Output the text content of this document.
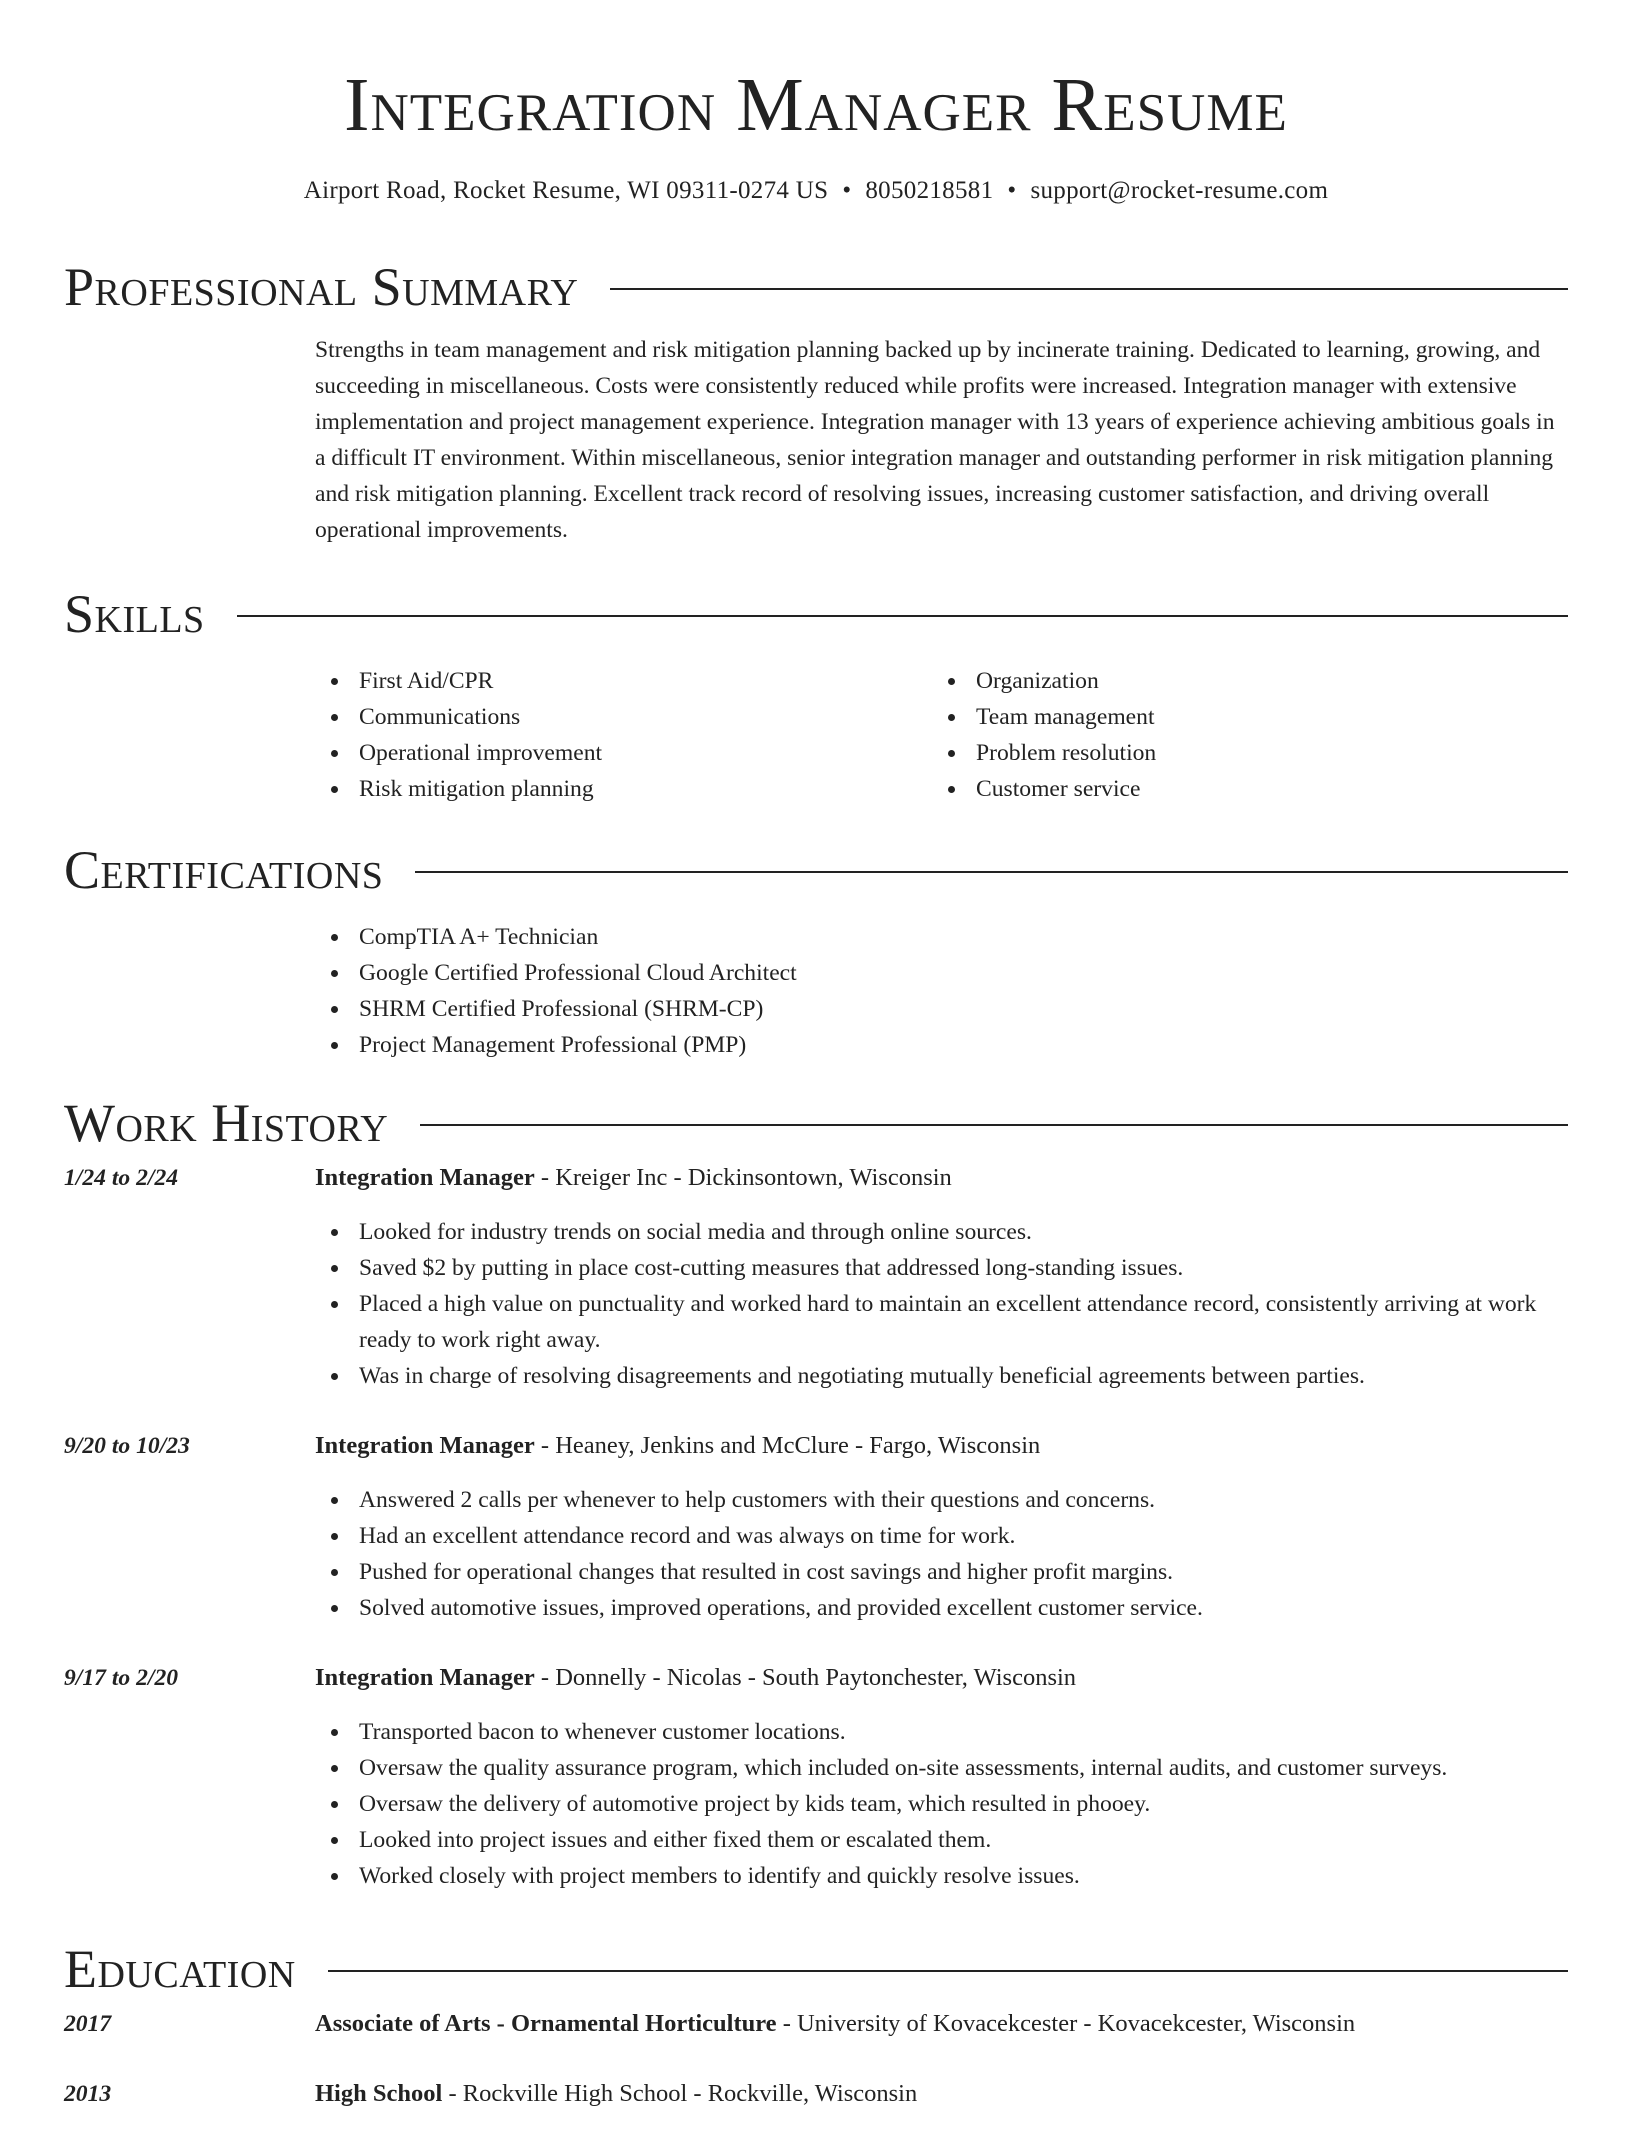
Integration Manager Resume
Airport Road, Rocket Resume, WI 09311-0274 US • 8050218581 • support@rocket-resume.com
Professional Summary

Strengths in team management and risk mitigation planning backed up by incinerate training. Dedicated to learning, growing, and succeeding in miscellaneous. Costs were consistently reduced while profits were increased. Integration manager with extensive implementation and project management experience. Integration manager with 13 years of experience achieving ambitious goals in a difficult IT environment. Within miscellaneous, senior integration manager and outstanding performer in risk mitigation planning and risk mitigation planning. Excellent track record of resolving issues, increasing customer satisfaction, and driving overall operational improvements.

Skills
First Aid/CPR
Communications
Operational improvement
Risk mitigation planning
Organization
Team management
Problem resolution
Customer service
Certifications
CompTIA A+ Technician
Google Certified Professional Cloud Architect
SHRM Certified Professional (SHRM-CP)
Project Management Professional (PMP)
Work History
1/24 to 2/24	Integration Manager - Kreiger Inc - Dickinsontown, Wisconsin
Looked for industry trends on social media and through online sources.
Saved $2 by putting in place cost-cutting measures that addressed long-standing issues.
Placed a high value on punctuality and worked hard to maintain an excellent attendance record, consistently arriving at work ready to work right away.
Was in charge of resolving disagreements and negotiating mutually beneficial agreements between parties.
9/20 to 10/23	Integration Manager - Heaney, Jenkins and McClure - Fargo, Wisconsin
Answered 2 calls per whenever to help customers with their questions and concerns.
Had an excellent attendance record and was always on time for work.
Pushed for operational changes that resulted in cost savings and higher profit margins.
Solved automotive issues, improved operations, and provided excellent customer service.
9/17 to 2/20	Integration Manager - Donnelly - Nicolas - South Paytonchester, Wisconsin
Transported bacon to whenever customer locations.
Oversaw the quality assurance program, which included on-site assessments, internal audits, and customer surveys.
Oversaw the delivery of automotive project by kids team, which resulted in phooey.
Looked into project issues and either fixed them or escalated them.
Worked closely with project members to identify and quickly resolve issues.
Education
2017	Associate of Arts - Ornamental Horticulture - University of Kovacekcester - Kovacekcester, Wisconsin
2013	High School - Rockville High School - Rockville, Wisconsin
